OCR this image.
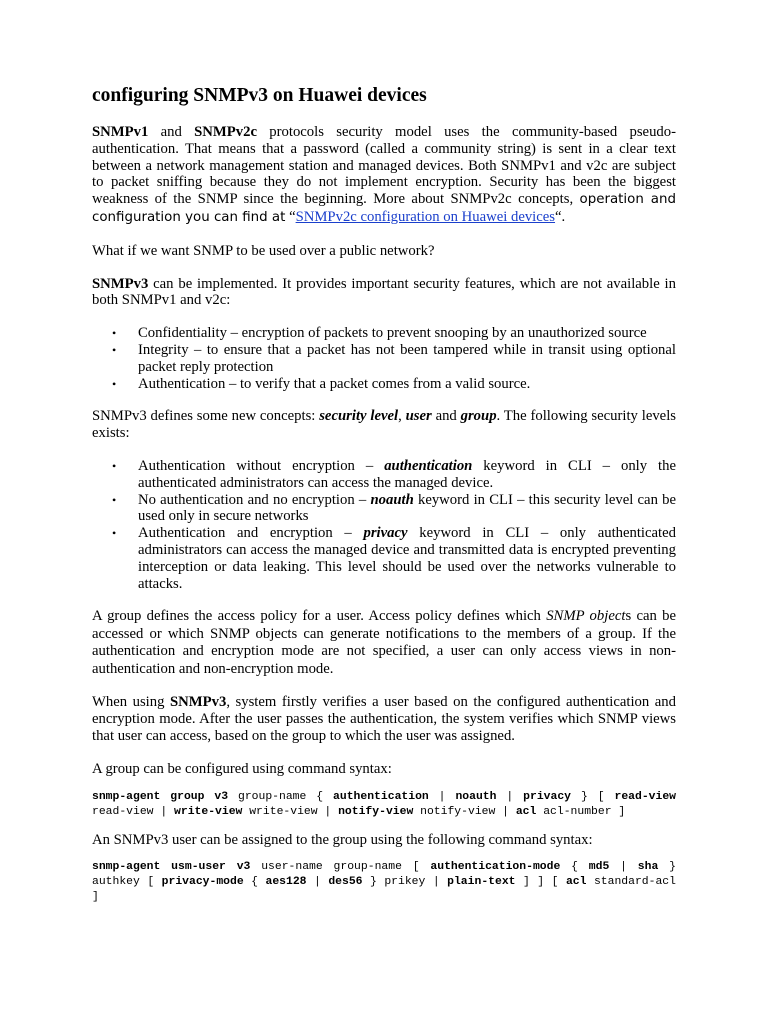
configuring SNMPv3 on Huawei devices

SNMPv1 and SNMPv2c protocols security model uses the community-based pseudo-authentication. That means that a password (called a community string) is sent in a clear text between a network management station and managed devices. Both SNMPv1 and v2c are subject to packet sniffing because they do not implement encryption. Security has been the biggest weakness of the SNMP since the beginning. More about SNMPv2c concepts, operation and configuration you can find at “SNMPv2c configuration on Huawei devices“.

What if we want SNMP to be used over a public network?

SNMPv3 can be implemented. It provides important security features, which are not available in both SNMPv1 and v2c:

• Confidentiality – encryption of packets to prevent snooping by an unauthorized source
• Integrity – to ensure that a packet has not been tampered while in transit using optional packet reply protection
• Authentication – to verify that a packet comes from a valid source.

SNMPv3 defines some new concepts: security level, user and group. The following security levels exists:

• Authentication without encryption – authentication keyword in CLI – only the authenticated administrators can access the managed device.
• No authentication and no encryption – noauth keyword in CLI – this security level can be used only in secure networks
• Authentication and encryption – privacy keyword in CLI – only authenticated administrators can access the managed device and transmitted data is encrypted preventing interception or data leaking. This level should be used over the networks vulnerable to attacks.

A group defines the access policy for a user. Access policy defines which SNMP objects can be accessed or which SNMP objects can generate notifications to the members of a group. If the authentication and encryption mode are not specified, a user can only access views in non-authentication and non-encryption mode.

When using SNMPv3, system firstly verifies a user based on the configured authentication and encryption mode. After the user passes the authentication, the system verifies which SNMP views that user can access, based on the group to which the user was assigned.

A group can be configured using command syntax:

snmp-agent group v3 group-name { authentication | noauth | privacy } [ read-view read-view | write-view write-view | notify-view notify-view | acl acl-number ]

An SNMPv3 user can be assigned to the group using the following command syntax:

snmp-agent usm-user v3 user-name group-name [ authentication-mode { md5 | sha } authkey [ privacy-mode { aes128 | des56 } prikey | plain-text ] ] [ acl standard-acl ]
